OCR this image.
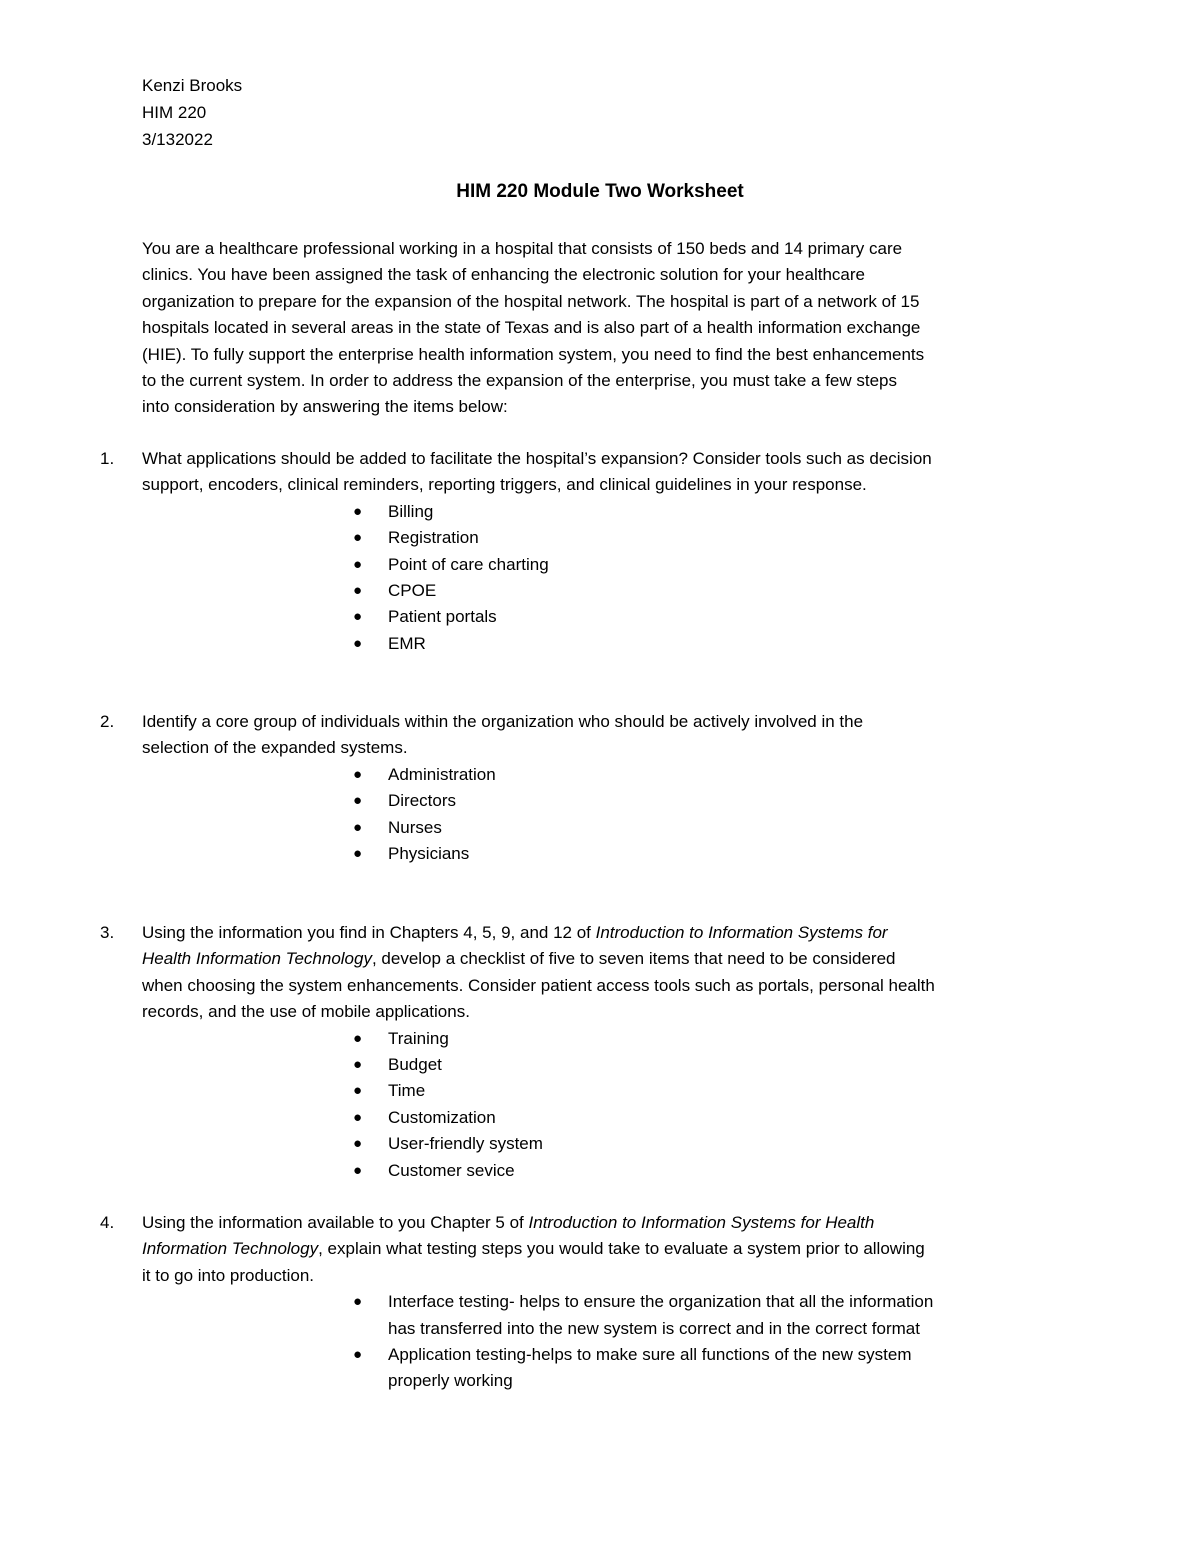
Kenzi Brooks
HIM 220
3/132022
HIM 220 Module Two Worksheet
You are a healthcare professional working in a hospital that consists of 150 beds and 14 primary care
clinics. You have been assigned the task of enhancing the electronic solution for your healthcare
organization to prepare for the expansion of the hospital network. The hospital is part of a network of 15
hospitals located in several areas in the state of Texas and is also part of a health information exchange
(HIE). To fully support the enterprise health information system, you need to find the best enhancements
to the current system. In order to address the expansion of the enterprise, you must take a few steps
into consideration by answering the items below:
1. What applications should be added to facilitate the hospital’s expansion? Consider tools such as decision
support, encoders, clinical reminders, reporting triggers, and clinical guidelines in your response.
● Billing
● Registration
● Point of care charting
● CPOE
● Patient portals
● EMR
2. Identify a core group of individuals within the organization who should be actively involved in the
selection of the expanded systems.
● Administration
● Directors
● Nurses
● Physicians
3. Using the information you find in Chapters 4, 5, 9, and 12 of Introduction to Information Systems for
Health Information Technology, develop a checklist of five to seven items that need to be considered
when choosing the system enhancements. Consider patient access tools such as portals, personal health
records, and the use of mobile applications.
● Training
● Budget
● Time
● Customization
● User-friendly system
● Customer sevice
4. Using the information available to you Chapter 5 of Introduction to Information Systems for Health
Information Technology, explain what testing steps you would take to evaluate a system prior to allowing
it to go into production.
● Interface testing- helps to ensure the organization that all the information
has transferred into the new system is correct and in the correct format
● Application testing-helps to make sure all functions of the new system
properly working
